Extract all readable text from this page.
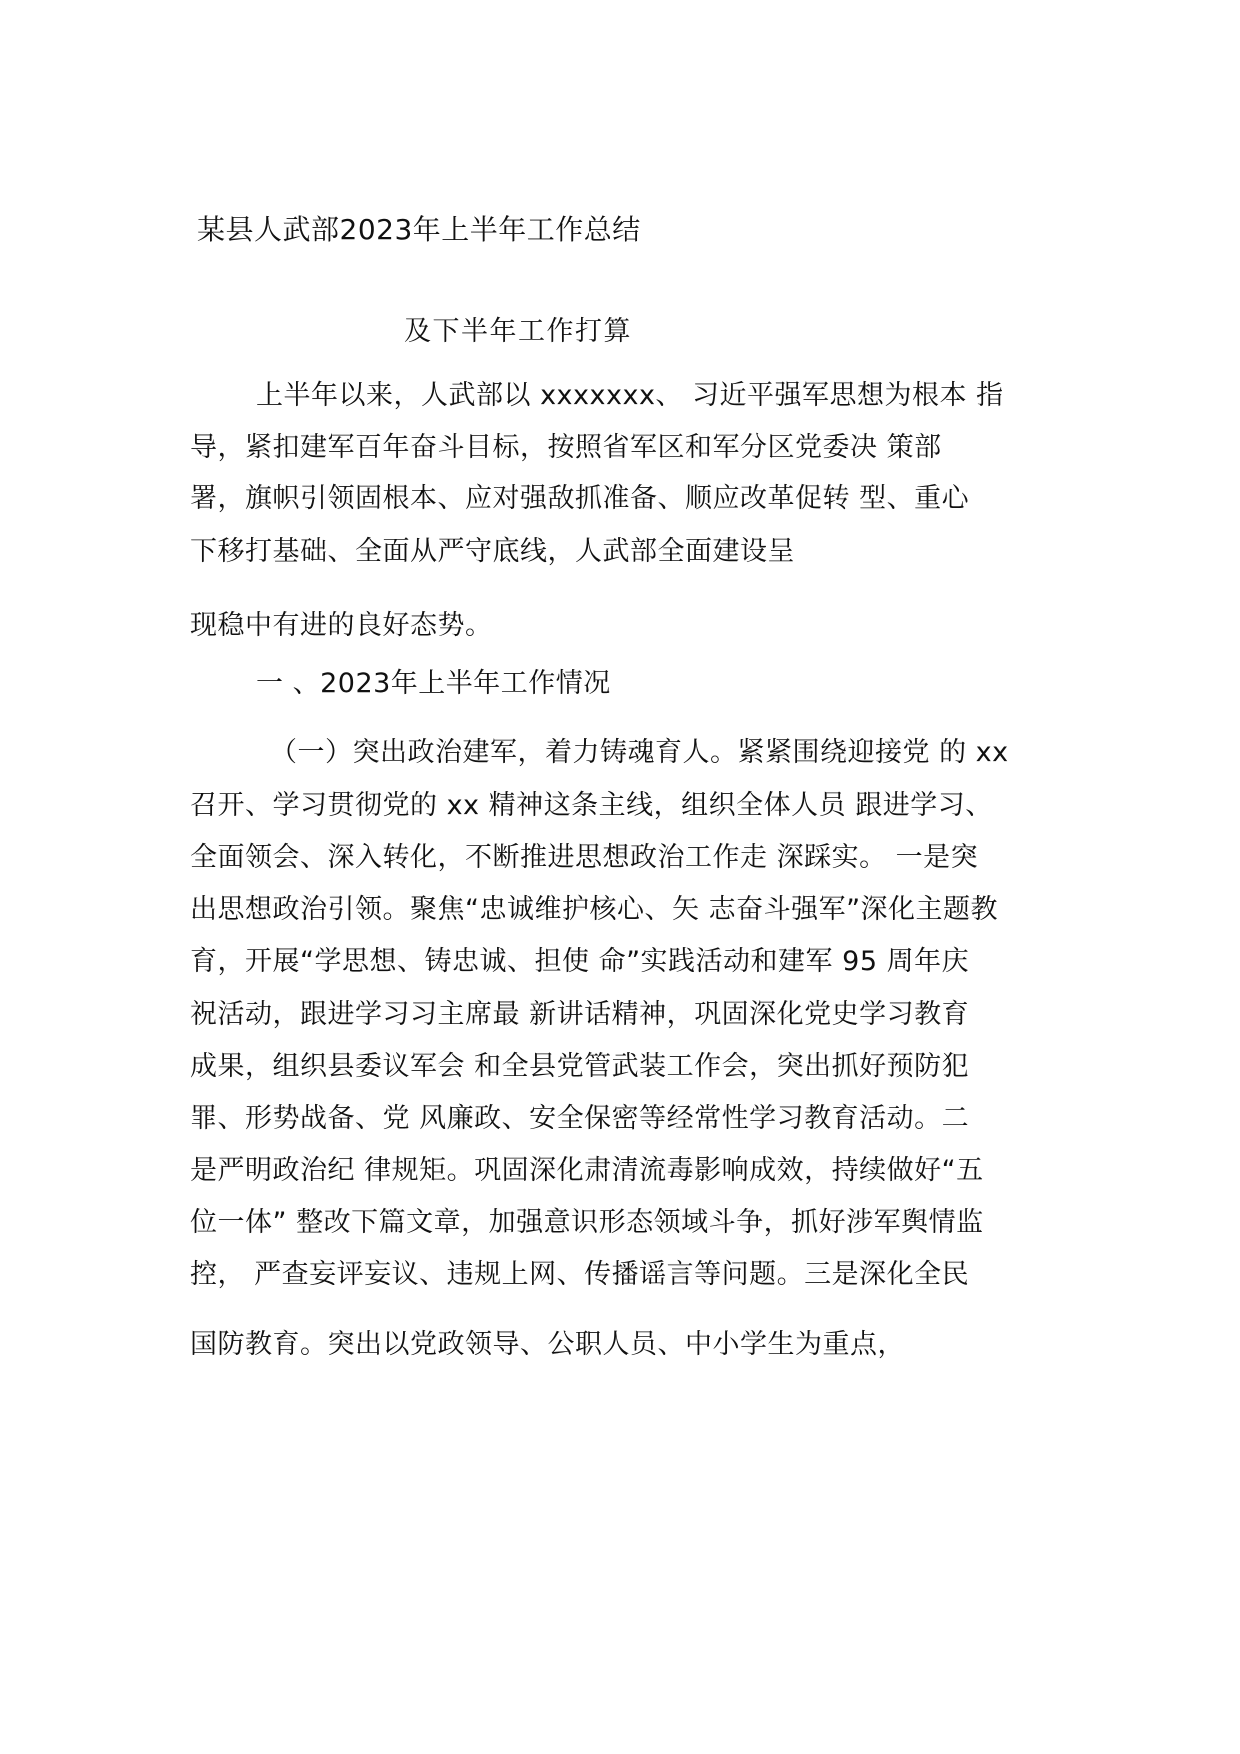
某县人武部2023年上半年工作总结
及下半年工作打算
上半年以来，人武部以 xxxxxxx、 习近平强军思想为根本 指
导，紧扣建军百年奋斗目标，按照省军区和军分区党委决 策部
署，旗帜引领固根本、应对强敌抓准备、顺应改革促转 型、重心
下移打基础、全面从严守底线，人武部全面建设呈
现稳中有进的良好态势。
一 、2023年上半年工作情况
（一）突出政治建军，着力铸魂育人。紧紧围绕迎接党 的 xx
召开、学习贯彻党的 xx 精神这条主线，组织全体人员 跟进学习、
全面领会、深入转化，不断推进思想政治工作走 深踩实。 一是突
出思想政治引领。聚焦“忠诚维护核心、矢 志奋斗强军”深化主题教
育，开展“学思想、铸忠诚、担使 命”实践活动和建军 95 周年庆
祝活动，跟进学习习主席最 新讲话精神，巩固深化党史学习教育
成果，组织县委议军会 和全县党管武装工作会，突出抓好预防犯
罪、形势战备、党 风廉政、安全保密等经常性学习教育活动。二
是严明政治纪 律规矩。巩固深化肃清流毒影响成效，持续做好“五
位一体” 整改下篇文章，加强意识形态领域斗争，抓好涉军舆情监
控， 严查妄评妄议、违规上网、传播谣言等问题。三是深化全民
国防教育。突出以党政领导、公职人员、中小学生为重点，
